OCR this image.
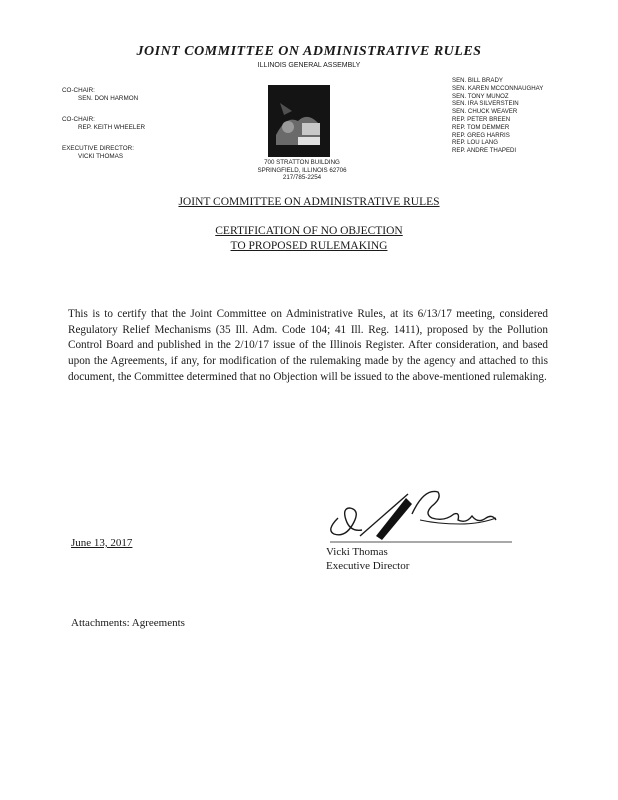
JOINT COMMITTEE ON ADMINISTRATIVE RULES
ILLINOIS GENERAL ASSEMBLY
CO-CHAIR:
SEN. DON HARMON
CO-CHAIR:
REP. KEITH WHEELER
EXECUTIVE DIRECTOR:
VICKI THOMAS
700 STRATTON BUILDING
SPRINGFIELD, ILLINOIS 62706
217/785-2254
SEN. BILL BRADY
SEN. KAREN MCCONNAUGHAY
SEN. TONY MUNOZ
SEN. IRA SILVERSTEIN
SEN. CHUCK WEAVER
REP. PETER BREEN
REP. TOM DEMMER
REP. GREG HARRIS
REP. LOU LANG
REP. ANDRE THAPEDI
JOINT COMMITTEE ON ADMINISTRATIVE RULES
CERTIFICATION OF NO OBJECTION
TO PROPOSED RULEMAKING
This is to certify that the Joint Committee on Administrative Rules, at its 6/13/17 meeting, considered Regulatory Relief Mechanisms (35 Ill. Adm. Code 104; 41 Ill. Reg. 1411), proposed by the Pollution Control Board and published in the 2/10/17 issue of the Illinois Register. After consideration, and based upon the Agreements, if any, for modification of the rulemaking made by the agency and attached to this document, the Committee determined that no Objection will be issued to the above-mentioned rulemaking.
June 13, 2017
Vicki Thomas
Executive Director
Attachments: Agreements
